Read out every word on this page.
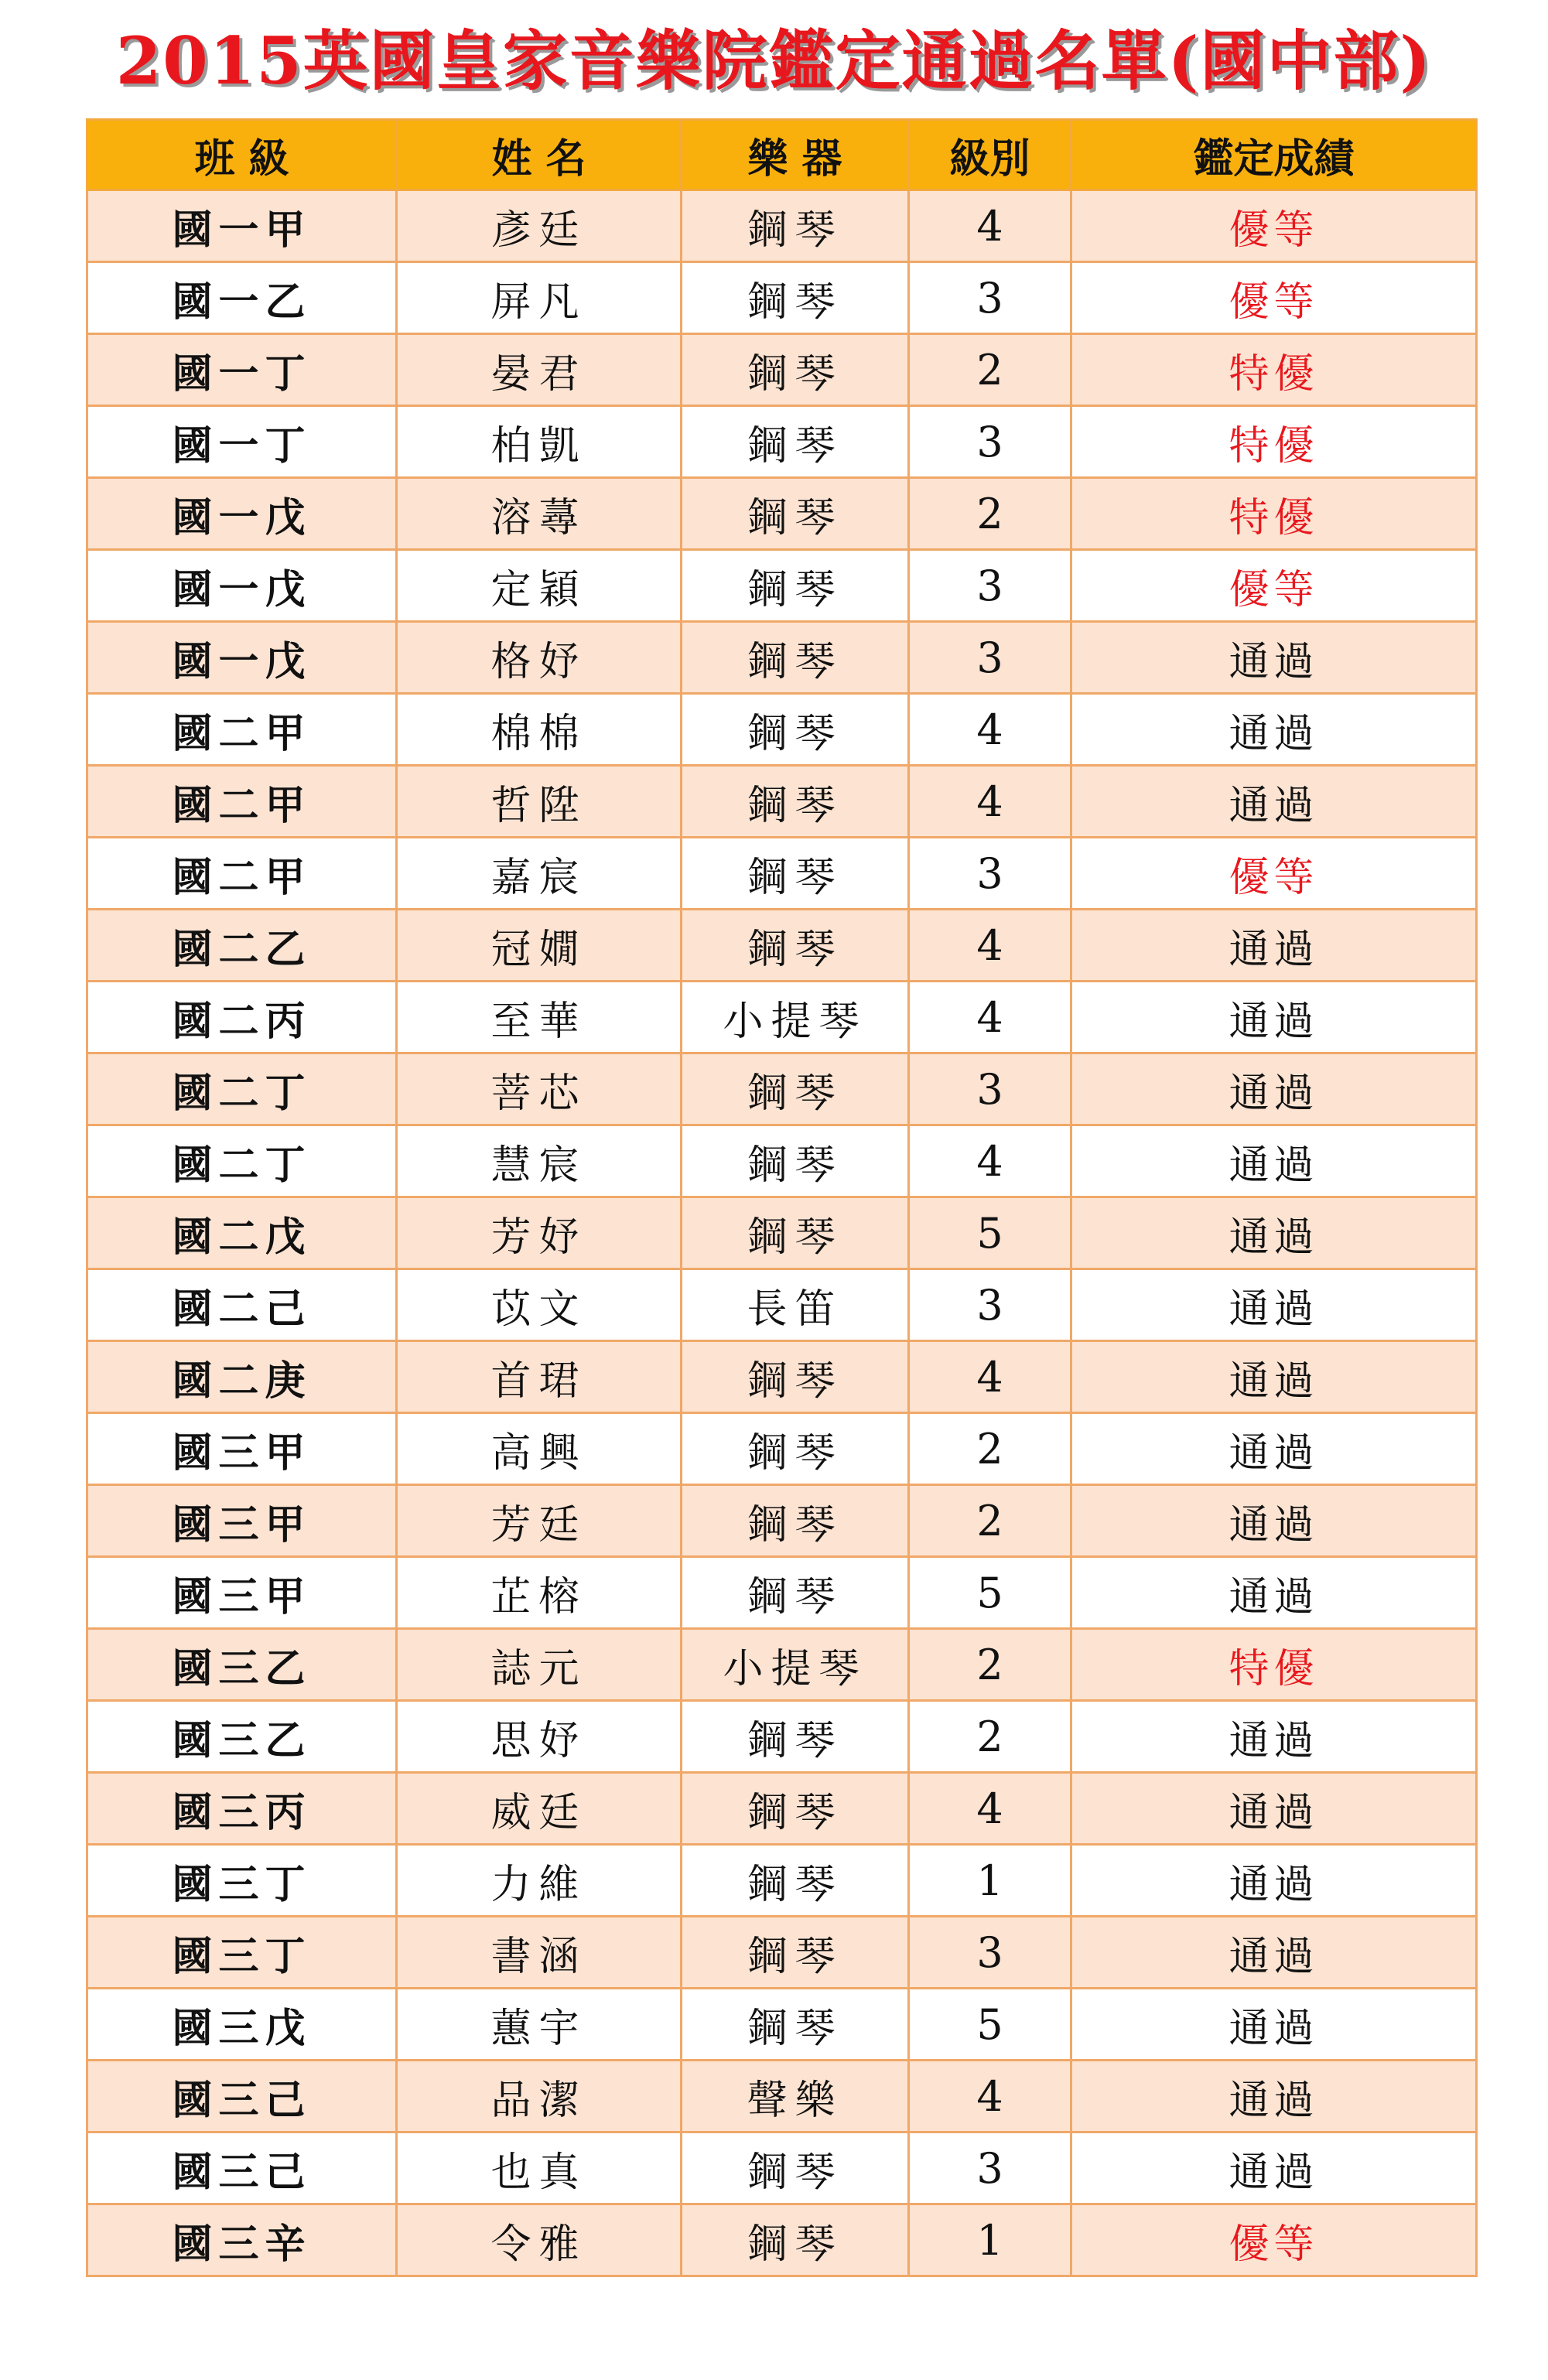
2015英國皇家音樂院鑑定通過名單(國中部)
班 級	姓 名	樂 器	級別	鑑定成績
國一甲	彥廷	鋼琴	4	優等
國一乙	屏凡	鋼琴	3	優等
國一丁	晏君	鋼琴	2	特優
國一丁	柏凱	鋼琴	3	特優
國一戊	溶蕁	鋼琴	2	特優
國一戊	定穎	鋼琴	3	優等
國一戊	格妤	鋼琴	3	通過
國二甲	棉棉	鋼琴	4	通過
國二甲	哲陞	鋼琴	4	通過
國二甲	嘉宸	鋼琴	3	優等
國二乙	冠嫺	鋼琴	4	通過
國二丙	至華	小提琴	4	通過
國二丁	菩芯	鋼琴	3	通過
國二丁	慧宸	鋼琴	4	通過
國二戊	芳妤	鋼琴	5	通過
國二己	苡文	長笛	3	通過
國二庚	首珺	鋼琴	4	通過
國三甲	高興	鋼琴	2	通過
國三甲	芳廷	鋼琴	2	通過
國三甲	芷榕	鋼琴	5	通過
國三乙	誌元	小提琴	2	特優
國三乙	思妤	鋼琴	2	通過
國三丙	威廷	鋼琴	4	通過
國三丁	力維	鋼琴	1	通過
國三丁	書涵	鋼琴	3	通過
國三戊	蕙宇	鋼琴	5	通過
國三己	品潔	聲樂	4	通過
國三己	也真	鋼琴	3	通過
國三辛	令雅	鋼琴	1	優等
